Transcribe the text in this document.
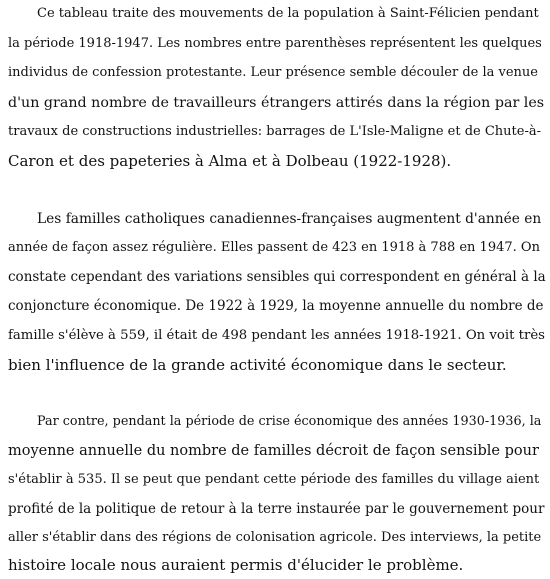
Ce tableau traite des mouvements de la population à Saint-Félicien pendant
la période 1918-1947. Les nombres entre parenthèses représentent les quelques
individus de confession protestante. Leur présence semble découler de la venue
d'un grand nombre de travailleurs étrangers attirés dans la région par les
travaux de constructions industrielles: barrages de L'Isle-Maligne et de Chute-à-
Caron et des papeteries à Alma et à Dolbeau (1922-1928).
Les familles catholiques canadiennes-françaises augmentent d'année en
année de façon assez régulière. Elles passent de 423 en 1918 à 788 en 1947. On
constate cependant des variations sensibles qui correspondent en général à la
conjoncture économique. De 1922 à 1929, la moyenne annuelle du nombre de
famille s'élève à 559, il était de 498 pendant les années 1918-1921. On voit très
bien l'influence de la grande activité économique dans le secteur.
Par contre, pendant la période de crise économique des années 1930-1936, la
moyenne annuelle du nombre de familles décroit de façon sensible pour
s'établir à 535. Il se peut que pendant cette période des familles du village aient
profité de la politique de retour à la terre instaurée par le gouvernement pour
aller s'établir dans des régions de colonisation agricole. Des interviews, la petite
histoire locale nous auraient permis d'élucider le problème.
